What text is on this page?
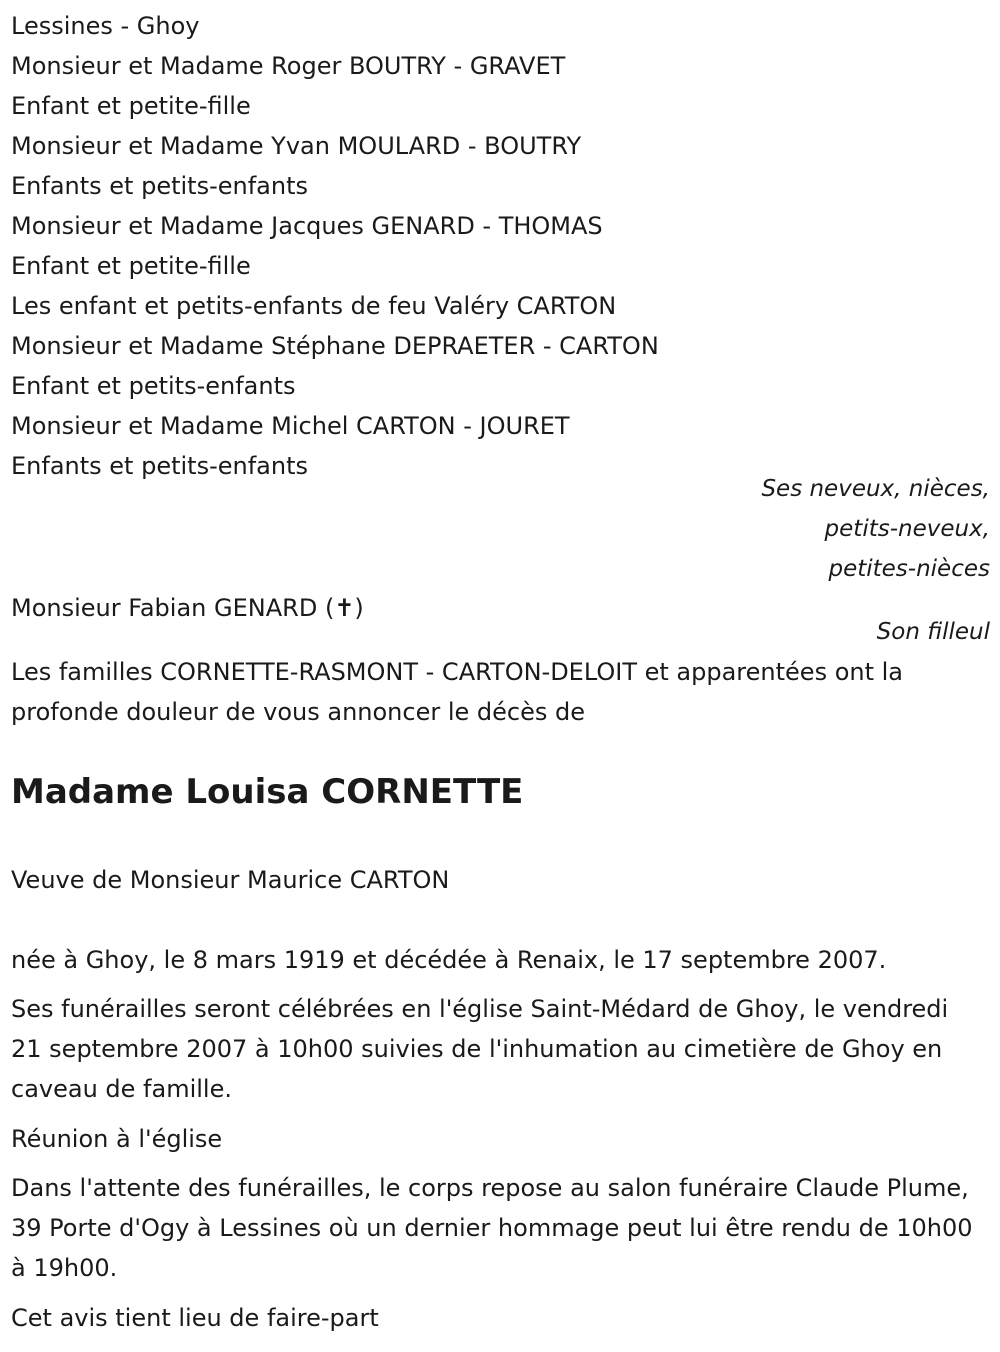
Lessines - Ghoy
Monsieur et Madame Roger BOUTRY - GRAVET
Enfant et petite-fille
Monsieur et Madame Yvan MOULARD - BOUTRY
Enfants et petits-enfants
Monsieur et Madame Jacques GENARD - THOMAS
Enfant et petite-fille
Les enfant et petits-enfants de feu Valéry CARTON
Monsieur et Madame Stéphane DEPRAETER - CARTON
Enfant et petits-enfants
Monsieur et Madame Michel CARTON - JOURET
Enfants et petits-enfants
Ses neveux, nièces,
petits-neveux,
petites-nièces
Monsieur Fabian GENARD (✝)
Son filleul
Les familles CORNETTE-RASMONT - CARTON-DELOIT et apparentées ont la profonde douleur de vous annoncer le décès de
Madame Louisa CORNETTE
Veuve de Monsieur Maurice CARTON
née à Ghoy, le 8 mars 1919 et décédée à Renaix, le 17 septembre 2007.
Ses funérailles seront célébrées en l'église Saint-Médard de Ghoy, le vendredi 21 septembre 2007 à 10h00 suivies de l'inhumation au cimetière de Ghoy en caveau de famille.
Réunion à l'église
Dans l'attente des funérailles, le corps repose au salon funéraire Claude Plume, 39 Porte d'Ogy à Lessines où un dernier hommage peut lui être rendu de 10h00 à 19h00.
Cet avis tient lieu de faire-part
